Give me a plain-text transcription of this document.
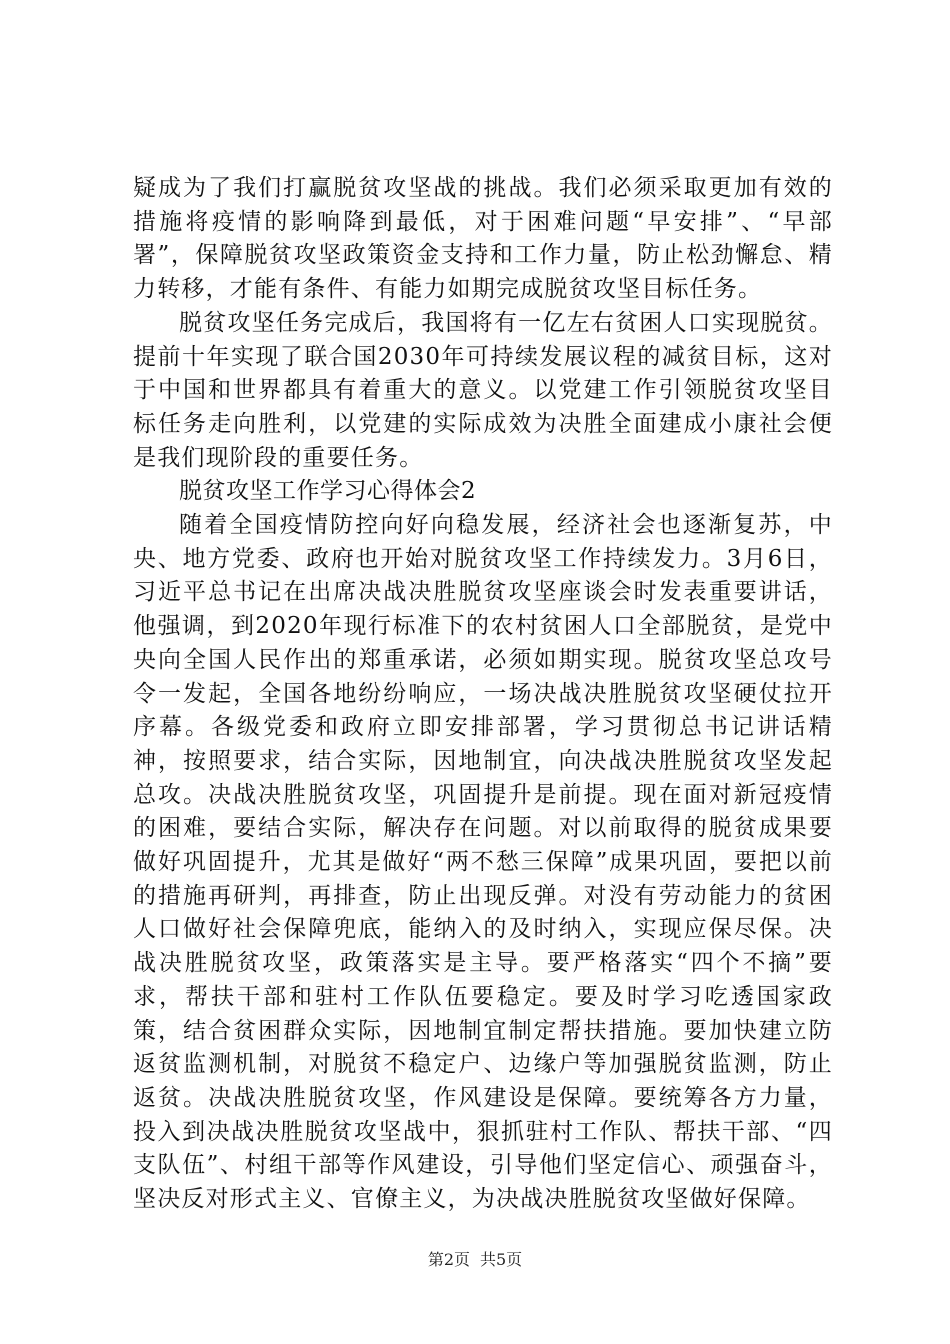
疑成为了我们打赢脱贫攻坚战的挑战。我们必须采取更加有效的措施将疫情的影响降到最低，对于困难问题“早安排”、“早部署”，保障脱贫攻坚政策资金支持和工作力量，防止松劲懈怠、精力转移，才能有条件、有能力如期完成脱贫攻坚目标任务。

脱贫攻坚任务完成后，我国将有一亿左右贫困人口实现脱贫。提前十年实现了联合国2030年可持续发展议程的减贫目标，这对于中国和世界都具有着重大的意义。以党建工作引领脱贫攻坚目标任务走向胜利，以党建的实际成效为决胜全面建成小康社会便是我们现阶段的重要任务。

脱贫攻坚工作学习心得体会2

随着全国疫情防控向好向稳发展，经济社会也逐渐复苏，中央、地方党委、政府也开始对脱贫攻坚工作持续发力。3月6日，习近平总书记在出席决战决胜脱贫攻坚座谈会时发表重要讲话，他强调，到2020年现行标准下的农村贫困人口全部脱贫，是党中央向全国人民作出的郑重承诺，必须如期实现。脱贫攻坚总攻号令一发起，全国各地纷纷响应，一场决战决胜脱贫攻坚硬仗拉开序幕。各级党委和政府立即安排部署，学习贯彻总书记讲话精神，按照要求，结合实际，因地制宜，向决战决胜脱贫攻坚发起总攻。决战决胜脱贫攻坚，巩固提升是前提。现在面对新冠疫情的困难，要结合实际，解决存在问题。对以前取得的脱贫成果要做好巩固提升，尤其是做好“两不愁三保障”成果巩固，要把以前的措施再研判，再排查，防止出现反弹。对没有劳动能力的贫困人口做好社会保障兜底，能纳入的及时纳入，实现应保尽保。决战决胜脱贫攻坚，政策落实是主导。要严格落实“四个不摘”要求，帮扶干部和驻村工作队伍要稳定。要及时学习吃透国家政策，结合贫困群众实际，因地制宜制定帮扶措施。要加快建立防返贫监测机制，对脱贫不稳定户、边缘户等加强脱贫监测，防止返贫。决战决胜脱贫攻坚，作风建设是保障。要统筹各方力量，投入到决战决胜脱贫攻坚战中，狠抓驻村工作队、帮扶干部、“四支队伍”、村组干部等作风建设，引导他们坚定信心、顽强奋斗，坚决反对形式主义、官僚主义，为决战决胜脱贫攻坚做好保障。

第2页 共5页
